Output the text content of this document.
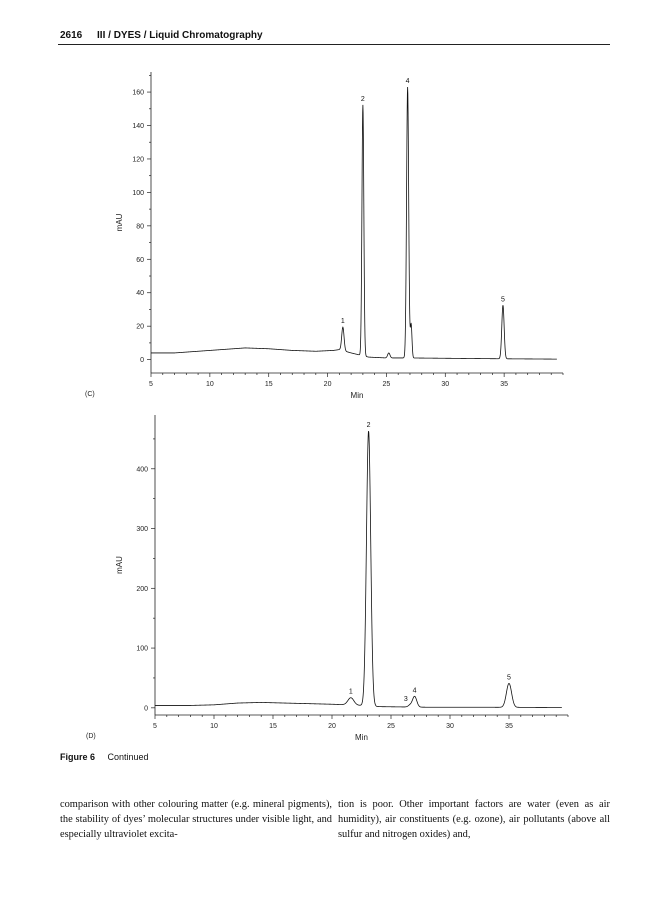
2616 III / DYES / Liquid Chromatography
0
20
40
60
80
100
120
140
160
5	10	15	20	25	30	35
Min
mAU
(C)
1
2
4
5
0
100
200
300
400
5	10	15	20	25	30	35
Min
mAU
(D)
1
2
3
4
5
Figure 6 Continued

comparison with other colouring matter (e.g. mineral pigments), the stability of dyes’ molecular structures under visible light, and especially ultraviolet excita-

tion is poor. Other important factors are water (even as air humidity), air constituents (e.g. ozone), air pollutants (above all sulfur and nitrogen oxides) and,
